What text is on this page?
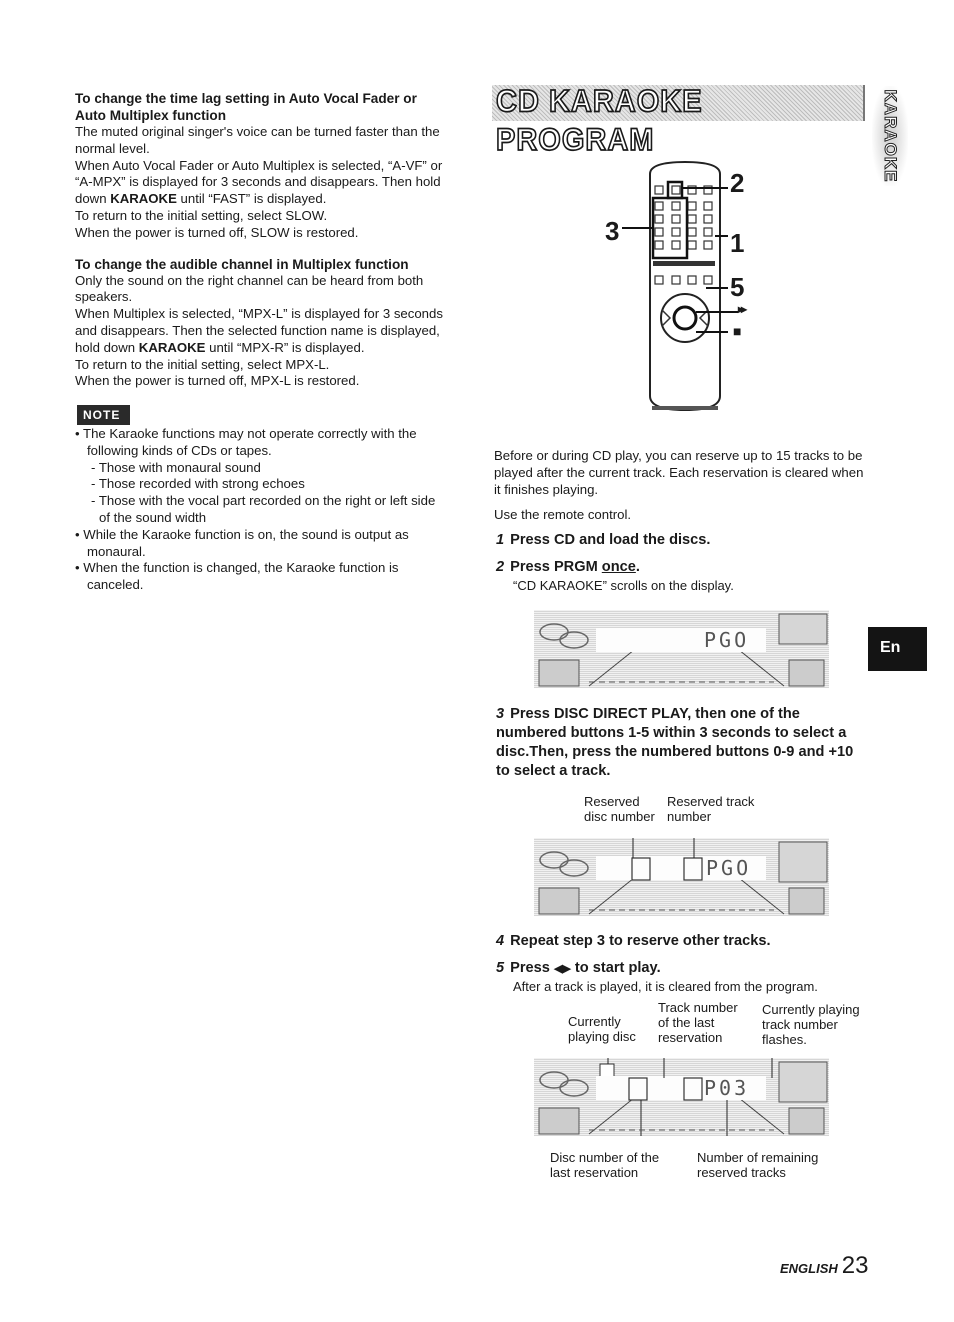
To change the time lag setting in Auto Vocal Fader or Auto Multiplex function

The muted original singer's voice can be turned faster than the normal level.

When Auto Vocal Fader or Auto Multiplex is selected, “A-VF” or “A-MPX” is displayed for 3 seconds and disappears. Then hold down KARAOKE until “FAST” is displayed.

To return to the initial setting, select SLOW.

When the power is turned off, SLOW is restored.

To change the audible channel in Multiplex function

Only the sound on the right channel can be heard from both speakers.

When Multiplex is selected, “MPX-L” is displayed for 3 seconds and disappears. Then the selected function name is displayed, hold down KARAOKE until “MPX-R” is displayed.

To return to the initial setting, select MPX-L.

When the power is turned off, MPX-L is restored.

NOTE

• The Karaoke functions may not operate correctly with the following kinds of CDs or tapes.

- Those with monaural sound

- Those recorded with strong echoes

- Those with the vocal part recorded on the right or left side of the sound width

• While the Karaoke function is on, the sound is output as monaural.

• When the function is changed, the Karaoke function is canceled.

CD KARAOKE PROGRAM	KARAOKE
En
2
3	1
5
▸▸
■

Before or during CD play, you can reserve up to 15 tracks to be played after the current track. Each reservation is cleared when it finishes playing.

Use the remote control.

1 Press CD and load the discs.
2 Press PRGM once.
“CD KARAOKE” scrolls on the display.
PGO
3 Press DISC DIRECT PLAY, then one of the numbered buttons 1-5 within 3 seconds to select a disc.Then, press the numbered buttons 0-9 and +10 to select a track.
Reserved disc number
Reserved track number
PGO
4 Repeat step 3 to reserve other tracks.
5 Press ◀▶ to start play.
After a track is played, it is cleared from the program.
Currently playing disc
Track number of the last reservation
Currently playing track number flashes.
P03
Disc number of the last reservation
Number of remaining reserved tracks
ENGLISH 23
